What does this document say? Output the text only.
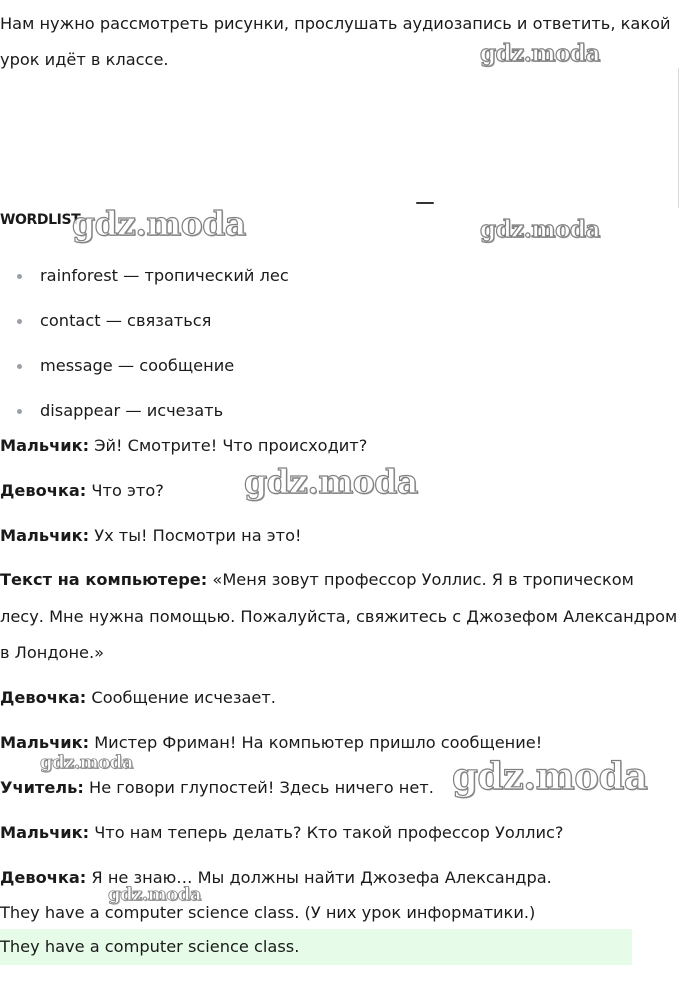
Нам нужно рассмотреть рисунки, прослушать аудиозапись и ответить, какой урок идёт в классе.
WORDLIST
rainforest — тропический лес
contact — связаться
message — сообщение
disappear — исчезать
Мальчик: Эй! Смотрите! Что происходит?
Девочка: Что это?
Мальчик: Ух ты! Посмотри на это!
Текст на компьютере: «Меня зовут профессор Уоллис. Я в тропическом лесу. Мне нужна помощью. Пожалуйста, свяжитесь с Джозефом Александром в Лондоне.»
Девочка: Сообщение исчезает.
Мальчик: Мистер Фриман! На компьютер пришло сообщение!
Учитель: Не говори глупостей! Здесь ничего нет.
Мальчик: Что нам теперь делать? Кто такой профессор Уоллис?
Девочка: Я не знаю… Мы должны найти Джозефа Александра.
They have a computer science class. (У них урок информатики.)
They have a computer science class.
gdz.moda
gdz.moda	gdz.moda
gdz.moda
gdz.moda	gdz.moda
gdz.moda
